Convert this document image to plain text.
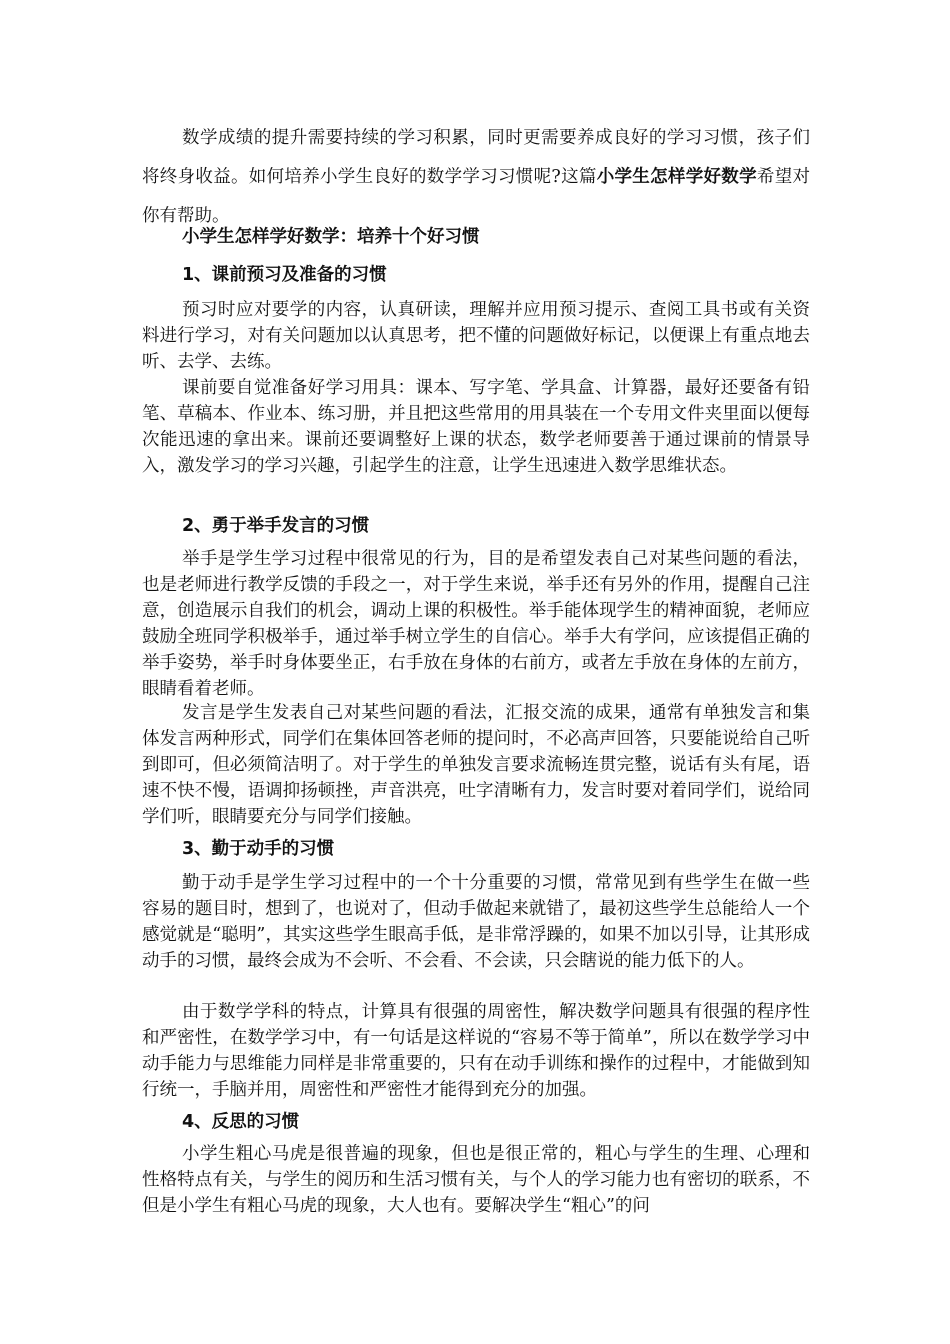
数学成绩的提升需要持续的学习积累，同时更需要养成良好的学习习惯，孩子们将终身收益。如何培养小学生良好的数学学习习惯呢?这篇小学生怎样学好数学希望对你有帮助。

小学生怎样学好数学：培养十个好习惯

1、课前预习及准备的习惯

预习时应对要学的内容，认真研读，理解并应用预习提示、查阅工具书或有关资料进行学习，对有关问题加以认真思考，把不懂的问题做好标记，以便课上有重点地去听、去学、去练。

课前要自觉准备好学习用具：课本、写字笔、学具盒、计算器，最好还要备有铅笔、草稿本、作业本、练习册，并且把这些常用的用具装在一个专用文件夹里面以便每次能迅速的拿出来。课前还要调整好上课的状态，数学老师要善于通过课前的情景导入，激发学习的学习兴趣，引起学生的注意，让学生迅速进入数学思维状态。

2、勇于举手发言的习惯

举手是学生学习过程中很常见的行为，目的是希望发表自己对某些问题的看法，也是老师进行教学反馈的手段之一，对于学生来说，举手还有另外的作用，提醒自己注意，创造展示自我们的机会，调动上课的积极性。举手能体现学生的精神面貌，老师应鼓励全班同学积极举手，通过举手树立学生的自信心。举手大有学问，应该提倡正确的举手姿势，举手时身体要坐正，右手放在身体的右前方，或者左手放在身体的左前方，眼睛看着老师。

发言是学生发表自己对某些问题的看法，汇报交流的成果，通常有单独发言和集体发言两种形式，同学们在集体回答老师的提问时，不必高声回答，只要能说给自己听到即可，但必须简洁明了。对于学生的单独发言要求流畅连贯完整，说话有头有尾，语速不快不慢，语调抑扬顿挫，声音洪亮，吐字清晰有力，发言时要对着同学们，说给同学们听，眼睛要充分与同学们接触。

3、勤于动手的习惯

勤于动手是学生学习过程中的一个十分重要的习惯，常常见到有些学生在做一些容易的题目时，想到了，也说对了，但动手做起来就错了，最初这些学生总能给人一个感觉就是“聪明”，其实这些学生眼高手低，是非常浮躁的，如果不加以引导，让其形成动手的习惯，最终会成为不会听、不会看、不会读，只会瞎说的能力低下的人。

由于数学学科的特点，计算具有很强的周密性，解决数学问题具有很强的程序性和严密性，在数学学习中，有一句话是这样说的“容易不等于简单”，所以在数学学习中动手能力与思维能力同样是非常重要的，只有在动手训练和操作的过程中，才能做到知行统一，手脑并用，周密性和严密性才能得到充分的加强。

4、反思的习惯

小学生粗心马虎是很普遍的现象，但也是很正常的，粗心与学生的生理、心理和性格特点有关，与学生的阅历和生活习惯有关，与个人的学习能力也有密切的联系，不但是小学生有粗心马虎的现象，大人也有。要解决学生“粗心”的问
